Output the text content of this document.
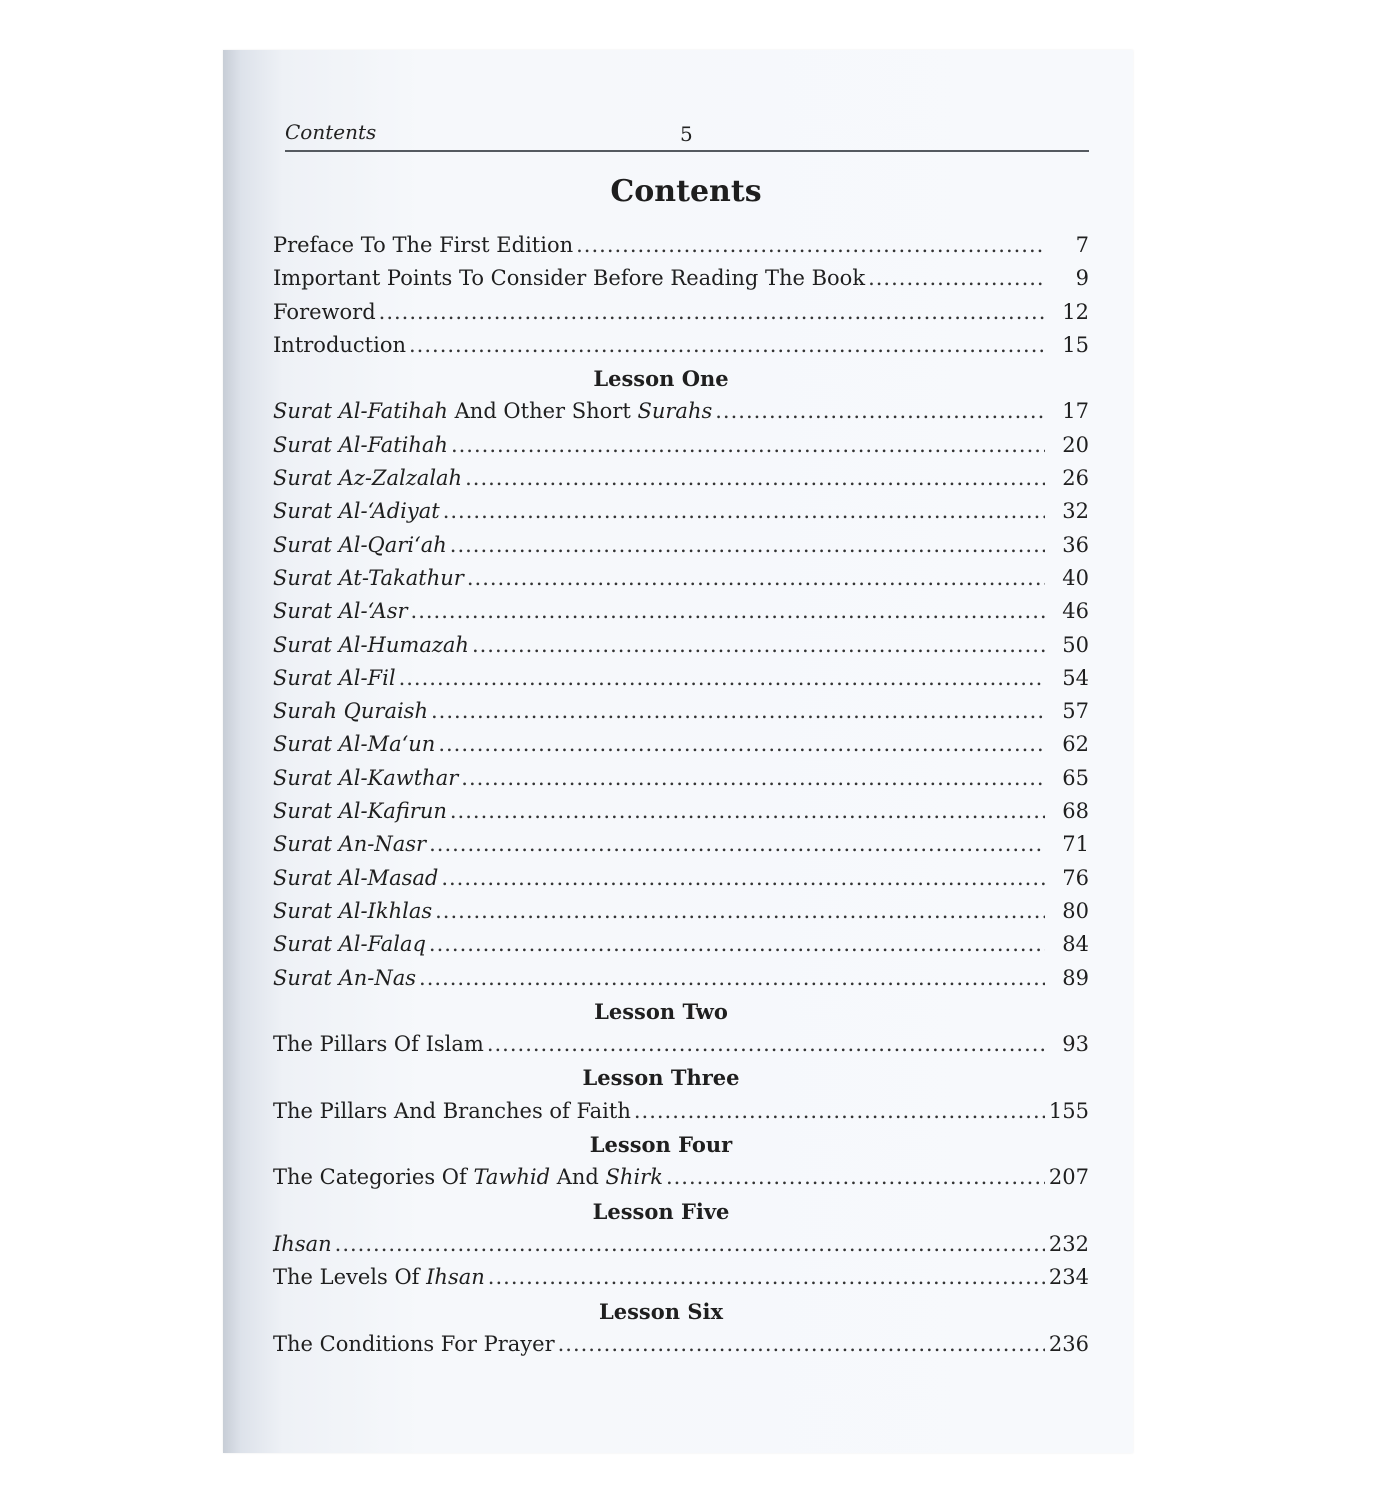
Contents	5
Contents
Preface To The First Edition .....	7
Important Points To Consider Before Reading The Book .....	9
Foreword .....	12
Introduction .....	15
Lesson One
Surat Al-Fatihah And Other Short Surahs .....	17
Surat Al-Fatihah .....	20
Surat Az-Zalzalah .....	26
Surat Al-‘Adiyat .....	32
Surat Al-Qari‘ah .....	36
Surat At-Takathur .....	40
Surat Al-‘Asr .....	46
Surat Al-Humazah .....	50
Surat Al-Fil .....	54
Surah Quraish .....	57
Surat Al-Ma‘un .....	62
Surat Al-Kawthar .....	65
Surat Al-Kafirun .....	68
Surat An-Nasr .....	71
Surat Al-Masad .....	76
Surat Al-Ikhlas .....	80
Surat Al-Falaq .....	84
Surat An-Nas .....	89
Lesson Two
The Pillars Of Islam .....	93
Lesson Three
The Pillars And Branches of Faith .....	155
Lesson Four
The Categories Of Tawhid And Shirk .....	207
Lesson Five
Ihsan .....	232
The Levels Of Ihsan .....	234
Lesson Six
The Conditions For Prayer .....	236
